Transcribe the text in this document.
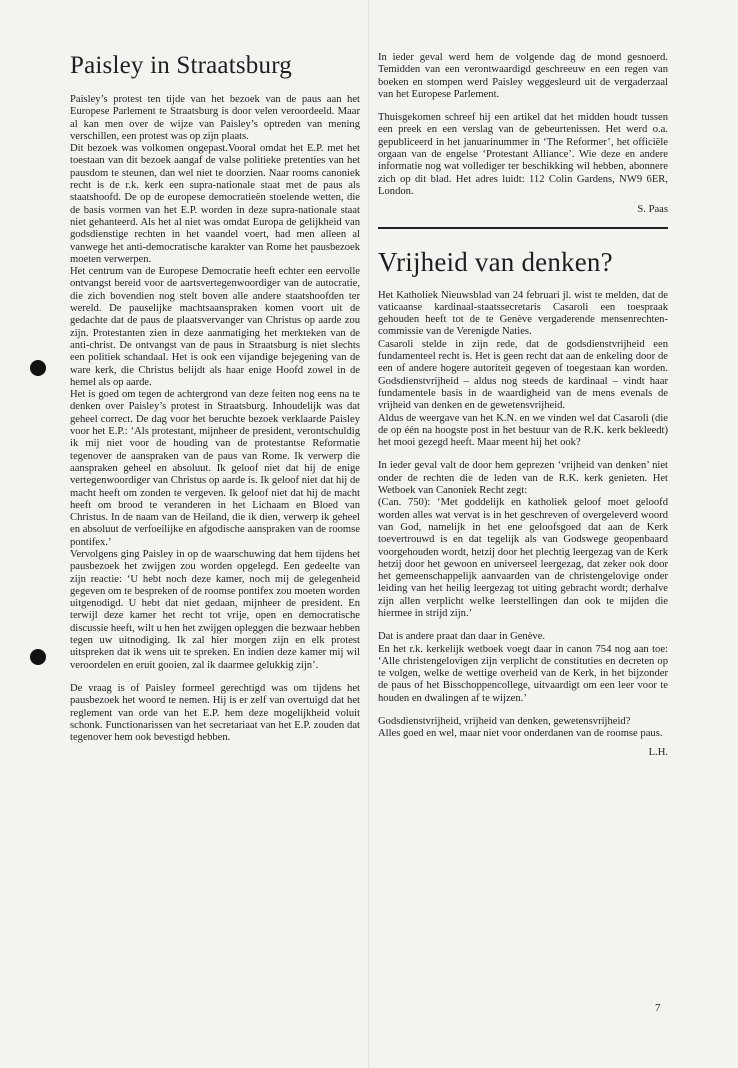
Paisley in Straatsburg

Paisley’s protest ten tijde van het bezoek van de paus aan het Europese Parlement te Straatsburg is door velen veroordeeld. Maar al kan men over de wijze van Paisley’s optreden van mening verschillen, een protest was op zijn plaats.

Dit bezoek was volkomen ongepast.Vooral omdat het E.P. met het toestaan van dit bezoek aangaf de valse politieke pretenties van het pausdom te steunen, dan wel niet te doorzien. Naar rooms canoniek recht is de r.k. kerk een supra-nationale staat met de paus als staatshoofd. De op de europese democratieën stoelende wetten, die de basis vormen van het E.P. worden in deze supra-nationale staat niet gehanteerd. Als het al niet was omdat Europa de gelijkheid van godsdienstige rechten in het vaandel voert, had men alleen al vanwege het anti-democratische karakter van Rome het pausbezoek moeten verwerpen.

Het centrum van de Europese Democratie heeft echter een eervolle ontvangst bereid voor de aartsvertegenwoordiger van de autocratie, die zich bovendien nog stelt boven alle andere staatshoofden ter wereld. De pauselijke machtsaanspraken komen voort uit de gedachte dat de paus de plaatsvervanger van Christus op aarde zou zijn. Protestanten zien in deze aanmatiging het merkteken van de anti-christ. De ontvangst van de paus in Straatsburg is niet slechts een politiek schandaal. Het is ook een vijandige bejegening van de ware kerk, die Christus belijdt als haar enige Hoofd zowel in de hemel als op aarde.

Het is goed om tegen de achtergrond van deze feiten nog eens na te denken over Paisley’s protest in Straatsburg. Inhoudelijk was dat geheel correct. De dag voor het beruchte bezoek verklaarde Paisley voor het E.P.: ‘Als protestant, mijnheer de president, verontschuldig ik mij niet voor de houding van de protestantse Reformatie tegenover de aanspraken van de paus van Rome. Ik verwerp die aanspraken geheel en absoluut. Ik geloof niet dat hij de enige vertegenwoordiger van Christus op aarde is. Ik geloof niet dat hij de macht heeft om zonden te vergeven. Ik geloof niet dat hij de macht heeft om brood te veranderen in het Lichaam en Bloed van Christus. In de naam van de Heiland, die ik dien, verwerp ik geheel en absoluut de verfoeilijke en afgodische aanspraken van de roomse pontifex.’

Vervolgens ging Paisley in op de waarschuwing dat hem tijdens het pausbezoek het zwijgen zou worden opgelegd. Een gedeelte van zijn reactie: ‘U hebt noch deze kamer, noch mij de gelegenheid gegeven om te bespreken of de roomse pontifex zou moeten worden uitgenodigd. U hebt dat niet gedaan, mijnheer de president. En terwijl deze kamer het recht tot vrije, open en democratische discussie heeft, wilt u hen het zwijgen opleggen die bezwaar hebben tegen uw uitnodiging. Ik zal hier morgen zijn en elk protest uitspreken dat ik wens uit te spreken. En indien deze kamer mij wil veroordelen en eruit gooien, zal ik daarmee gelukkig zijn’.

De vraag is of Paisley formeel gerechtigd was om tijdens het pausbezoek het woord te nemen. Hij is er zelf van overtuigd dat het reglement van orde van het E.P. hem deze mogelijkheid voluit schonk. Functionarissen van het secretariaat van het E.P. zouden dat tegenover hem ook bevestigd hebben.

In ieder geval werd hem de volgende dag de mond gesnoerd. Temidden van een verontwaardigd geschreeuw en een regen van boeken en stompen werd Paisley weggesleurd uit de vergaderzaal van het Europese Parlement.

Thuisgekomen schreef hij een artikel dat het midden houdt tussen een preek en een verslag van de gebeurtenissen. Het werd o.a. gepubliceerd in het januarinummer in ‘The Reformer’, het officiële orgaan van de engelse ‘Protestant Alliance’. Wie deze en andere informatie nog wat vollediger ter beschikking wil hebben, abonnere zich op dit blad. Het adres luidt: 112 Colin Gardens, NW9 6ER, London.

S. Paas
Vrijheid van denken?

Het Katholiek Nieuwsblad van 24 februari jl. wist te melden, dat de vaticaanse kardinaal-staatssecretaris Casaroli een toespraak gehouden heeft tot de te Genève vergaderende mensenrechten-commissie van de Verenigde Naties.

Casaroli stelde in zijn rede, dat de godsdienstvrijheid een fundamenteel recht is. Het is geen recht dat aan de enkeling door de een of andere hogere autoriteit gegeven of toegestaan kan worden. Godsdienstvrijheid – aldus nog steeds de kardinaal – vindt haar fundamentele basis in de waardigheid van de mens evenals de vrijheid van denken en de gewetensvrijheid.

Aldus de weergave van het K.N. en we vinden wel dat Casaroli (die de op één na hoogste post in het bestuur van de R.K. kerk bekleedt) het mooi gezegd heeft. Maar meent hij het ook?

In ieder geval valt de door hem geprezen ‘vrijheid van denken’ niet onder de rechten die de leden van de R.K. kerk genieten. Het Wetboek van Canoniek Recht zegt:

(Can. 750): ‘Met goddelijk en katholiek geloof moet geloofd worden alles wat vervat is in het geschreven of overgeleverd woord van God, namelijk in het ene geloofsgoed dat aan de Kerk toevertrouwd is en dat tegelijk als van Godswege geopenbaard voorgehouden wordt, hetzij door het plechtig leergezag van de Kerk hetzij door het gewoon en universeel leergezag, dat zeker ook door het gemeenschappelijk aanvaarden van de christengelovige onder leiding van het heilig leergezag tot uiting gebracht wordt; derhalve zijn allen verplicht welke leerstellingen dan ook te mijden die hiermee in strijd zijn.’

Dat is andere praat dan daar in Genève.

En het r.k. kerkelijk wetboek voegt daar in canon 754 nog aan toe: ‘Alle christengelovigen zijn verplicht de constituties en decreten op te volgen, welke de wettige overheid van de Kerk, in het bijzonder de paus of het Bisschoppencollege, uitvaardigt om een leer voor te houden en dwalingen af te wijzen.’

Godsdienstvrijheid, vrijheid van denken, gewetensvrijheid?

Alles goed en wel, maar niet voor onderdanen van de roomse paus.

L.H.
7
